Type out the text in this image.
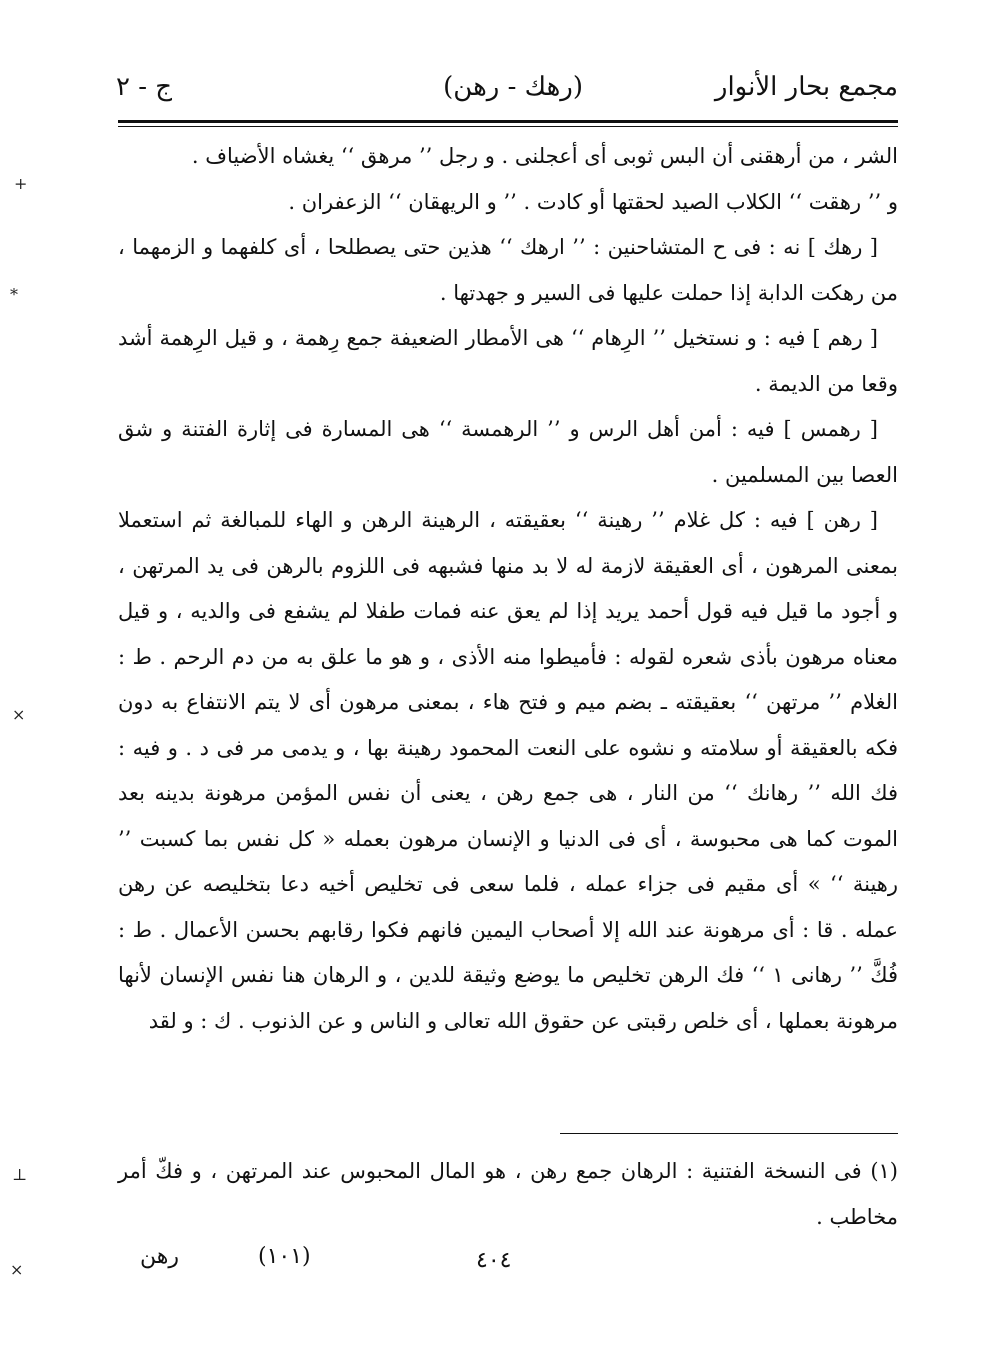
مجمع بحار الأنوار
(رهك - رهن)
ج - ٢

الشر ، من أرهقنى أن البس ثوبى أى أعجلنى . و رجل ’’ مرهق ‘‘ يغشاه الأضياف .

و ’’ رهقت ‘‘ الكلاب الصيد لحقتها أو كادت . ’’ و الريهقان ‘‘ الزعفران .

[ رهك ] نه : فى ح المتشاحنين : ’’ ارهك ‘‘ هذين حتى يصطلحا ، أى كلفهما و الزمهما ، من رهكت الدابة إذا حملت عليها فى السير و جهدتها .

[ رهم ] فيه : و نستخيل ’’ الرِهام ‘‘ هى الأمطار الضعيفة جمع رِهمة ، و قيل الرِهمة أشد وقعا من الديمة .

[ رهمس ] فيه : أمن أهل الرس و ’’ الرهمسة ‘‘ هى المسارة فى إثارة الفتنة و شق العصا بين المسلمين .

[ رهن ] فيه : كل غلام ’’ رهينة ‘‘ بعقيقته ، الرهينة الرهن و الهاء للمبالغة ثم استعملا بمعنى المرهون ، أى العقيقة لازمة له لا بد منها فشبهه فى اللزوم بالرهن فى يد المرتهن ، و أجود ما قيل فيه قول أحمد يريد إذا لم يعق عنه فمات طفلا لم يشفع فى والديه ، و قيل معناه مرهون بأذى شعره لقوله : فأميطوا منه الأذى ، و هو ما علق به من دم الرحم . ط : الغلام ’’ مرتهن ‘‘ بعقيقته ـ بضم ميم و فتح هاء ، بمعنى مرهون أى لا يتم الانتفاع به دون فكه بالعقيقة أو سلامته و نشوه على النعت المحمود رهينة بها ، و يدمى مر فى د . و فيه : فك الله ’’ رهانك ‘‘ من النار ، هى جمع رهن ، يعنى أن نفس المؤمن مرهونة بدينه بعد الموت كما هى محبوسة ، أى فى الدنيا و الإنسان مرهون بعمله « كل نفس بما كسبت ’’ رهينة ‘‘ » أى مقيم فى جزاء عمله ، فلما سعى فى تخليص أخيه دعا بتخليصه عن رهن عمله . قا : أى مرهونة عند الله إلا أصحاب اليمين فانهم فكوا رقابهم بحسن الأعمال . ط : فُكَّ ’’ رهانى ١ ‘‘ فك الرهن تخليص ما يوضع وثيقة للدين ، و الرهان هنا نفس الإنسان لأنها مرهونة بعملها ، أى خلص رقبتى عن حقوق الله تعالى و الناس و عن الذنوب . ك : و لقد

(١) فى النسخة الفتنية : الرهان جمع رهن ، هو المال المحبوس عند المرتهن ، و فكّ أمر مخاطب .
رهن	(١٠١)	٤٠٤
+
*
×
⊥
×
